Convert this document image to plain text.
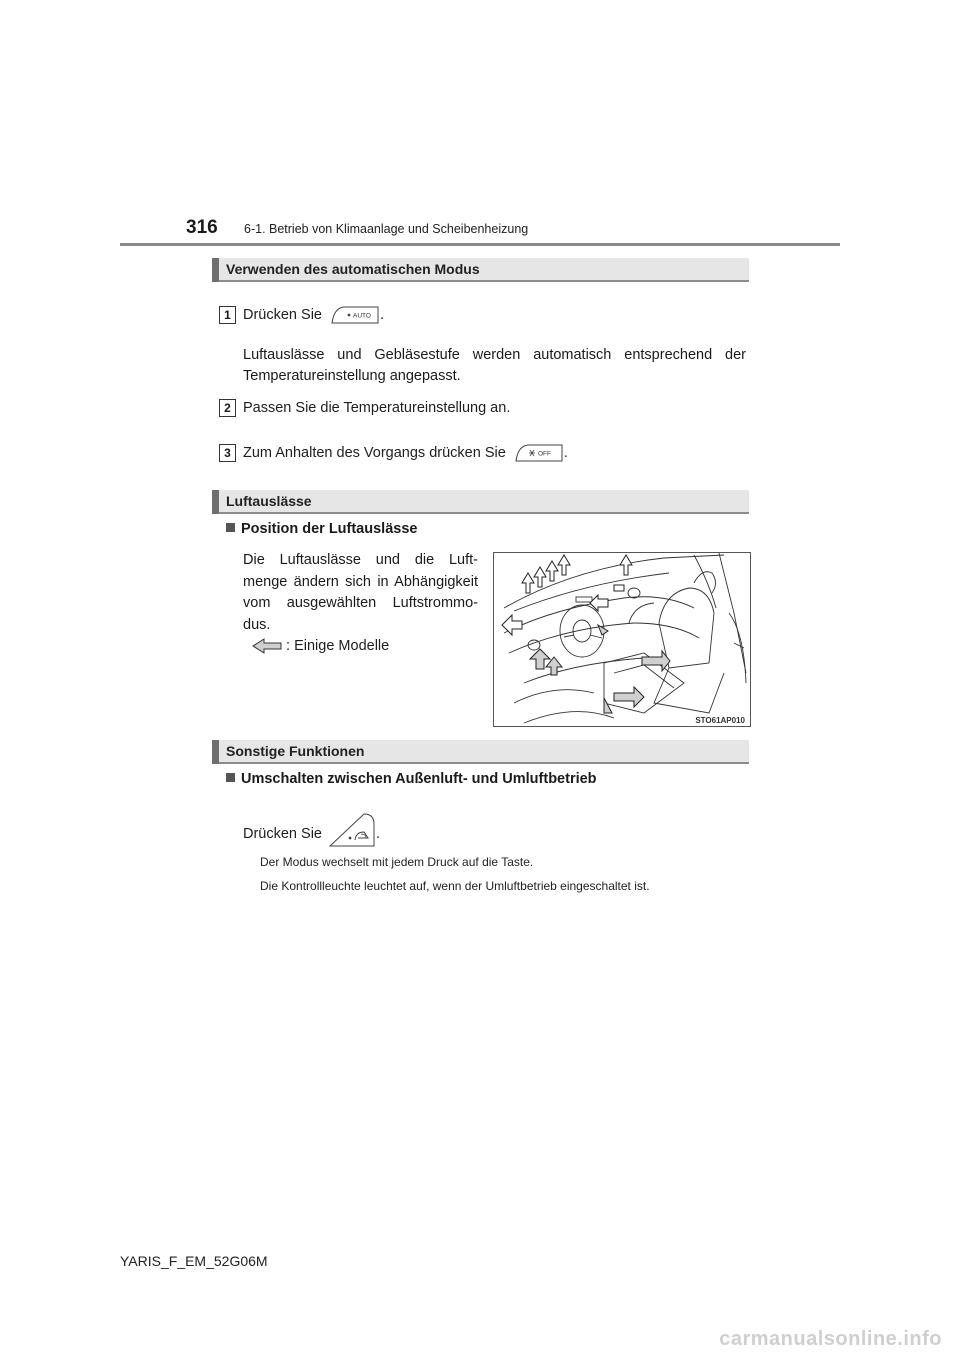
316 6-1. Betrieb von Klimaanlage und Scheibenheizung
Verwenden des automatischen Modus
1 Drücken Sie	AUTO .
Luftauslässe und Gebläsestufe werden automatisch entsprechend der
Temperatureinstellung angepasst.
2 Passen Sie die Temperatureinstellung an.
3 Zum Anhalten des Vorgangs drücken Sie	OFF .
Luftauslässe
Position der Luftauslässe
Die Luftauslässe und die Luft- menge ändern sich in Abhängigkeit vom ausgewählten Luftstrommo-
dus.
: Einige Modelle
STO61AP010
Sonstige Funktionen
Umschalten zwischen Außenluft- und Umluftbetrieb
Drücken Sie	.
Der Modus wechselt mit jedem Druck auf die Taste.
Die Kontrollleuchte leuchtet auf, wenn der Umluftbetrieb eingeschaltet ist.
YARIS_F_EM_52G06M
carmanualsonline.info
